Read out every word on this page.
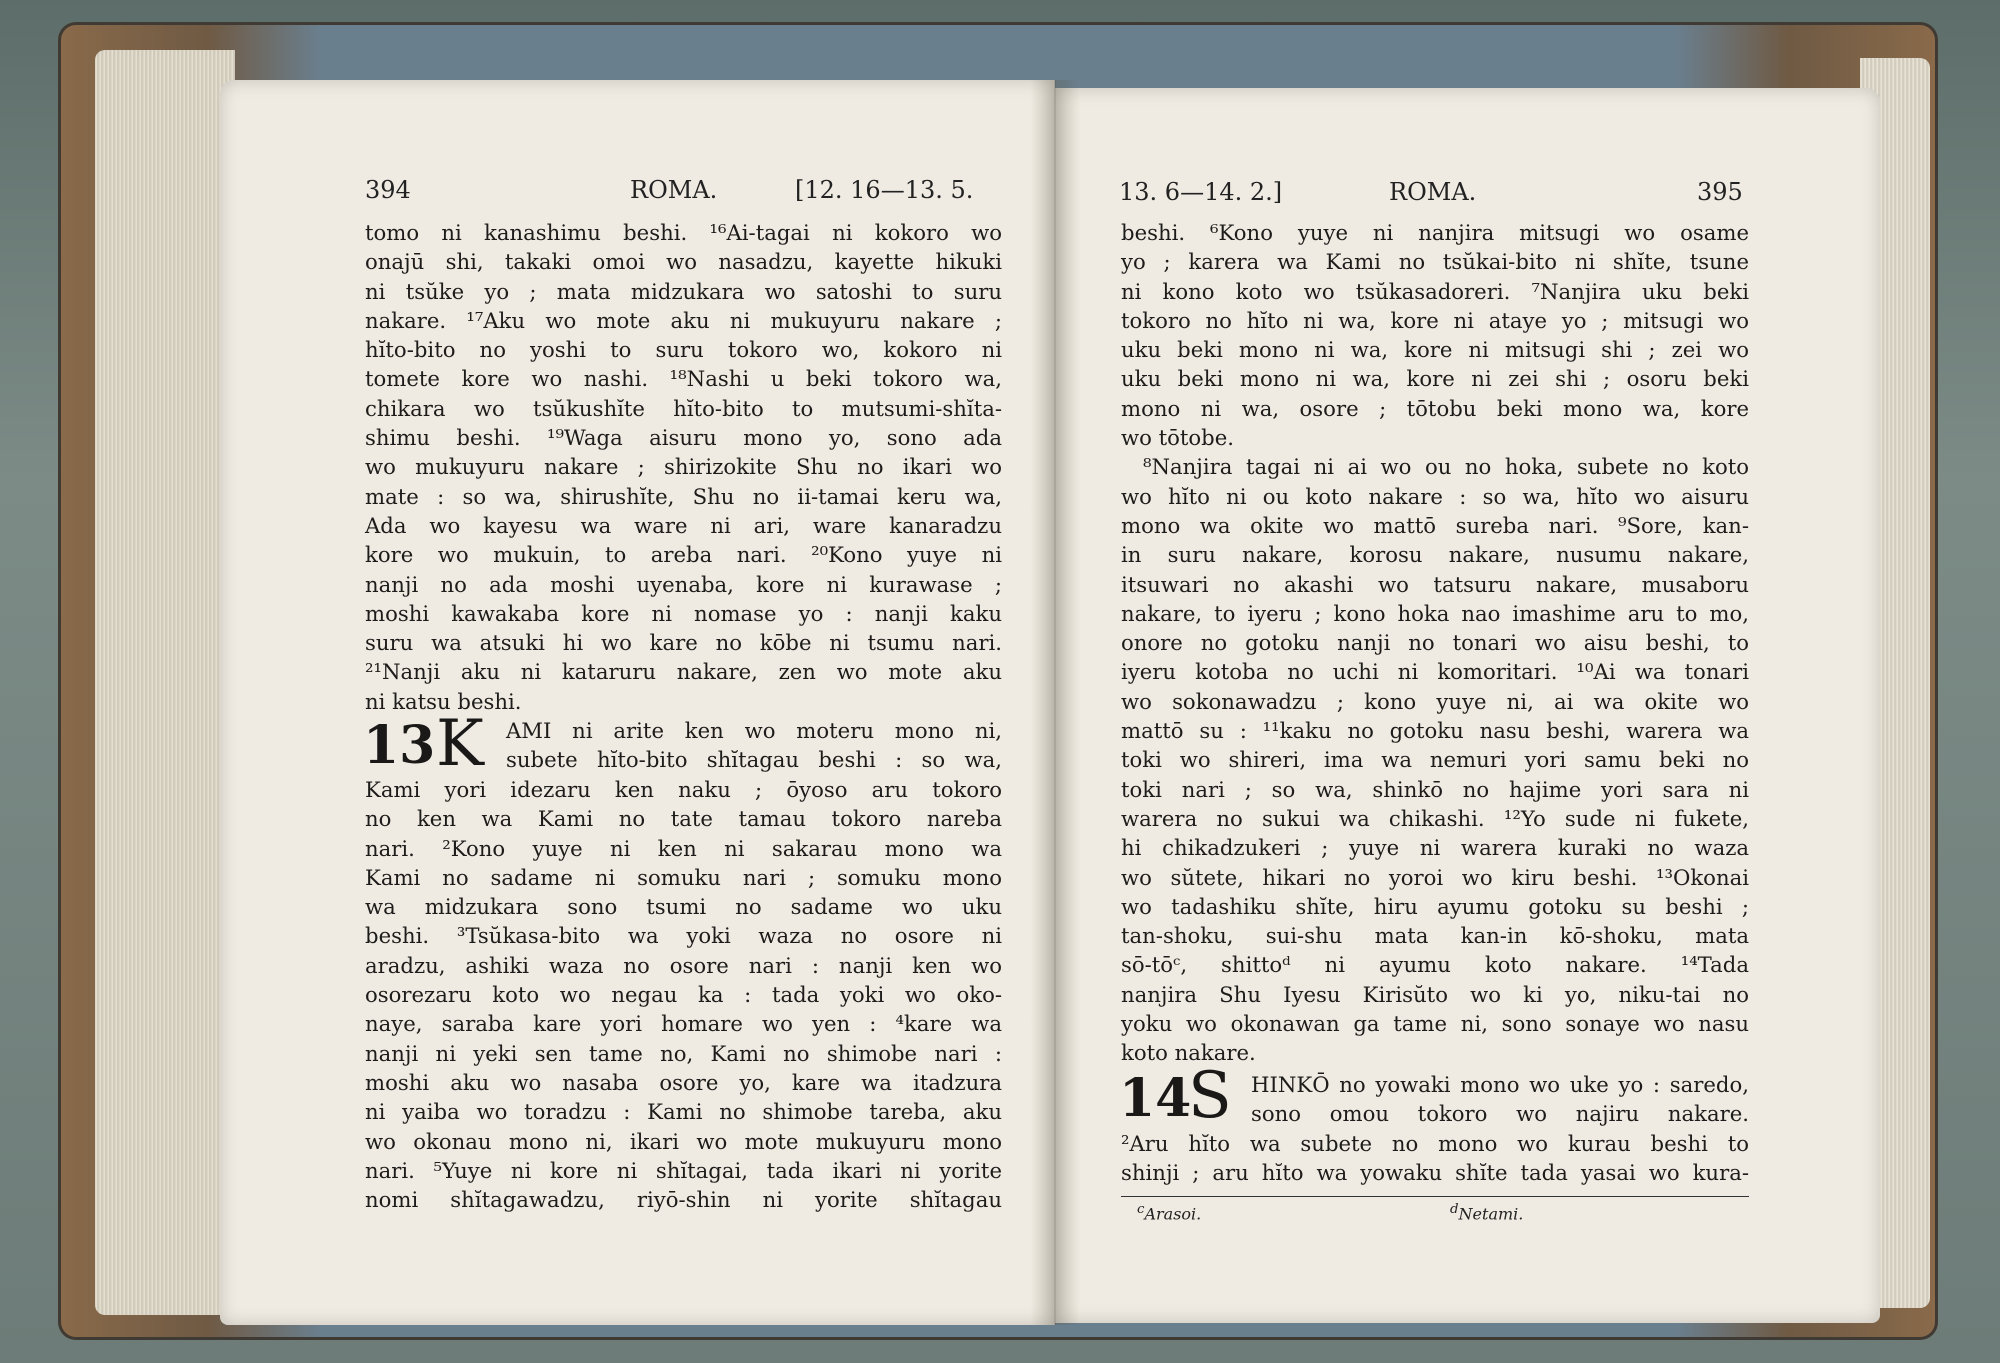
394	ROMA.	[12. 16—13. 5.
tomo ni kanashimu beshi. ¹⁶Ai-tagai ni kokoro wo
onajū shi, takaki omoi wo nasadzu, kayette hikuki
ni tsŭke yo ; mata midzukara wo satoshi to suru
nakare. ¹⁷Aku wo mote aku ni mukuyuru nakare ;
hĭto-bito no yoshi to suru tokoro wo, kokoro ni
tomete kore wo nashi. ¹⁸Nashi u beki tokoro wa,
chikara wo tsŭkushĭte hĭto-bito to mutsumi-shĭta-
shimu beshi. ¹⁹Waga aisuru mono yo, sono ada
wo mukuyuru nakare ; shirizokite Shu no ikari wo
mate : so wa, shirushĭte, Shu no ii-tamai keru wa,
Ada wo kayesu wa ware ni ari, ware kanaradzu
kore wo mukuin, to areba nari. ²⁰Kono yuye ni
nanji no ada moshi uyenaba, kore ni kurawase ;
moshi kawakaba kore ni nomase yo : nanji kaku
suru wa atsuki hi wo kare no kōbe ni tsumu nari.
²¹Nanji aku ni kataruru nakare, zen wo mote aku
ni katsu beshi.
13 K AMI ni arite ken wo moteru mono ni,
subete hĭto-bito shĭtagau beshi : so wa,
Kami yori idezaru ken naku ; ōyoso aru tokoro
no ken wa Kami no tate tamau tokoro nareba
nari. ²Kono yuye ni ken ni sakarau mono wa
Kami no sadame ni somuku nari ; somuku mono
wa midzukara sono tsumi no sadame wo uku
beshi. ³Tsŭkasa-bito wa yoki waza no osore ni
aradzu, ashiki waza no osore nari : nanji ken wo
osorezaru koto wo negau ka : tada yoki wo oko-
naye, saraba kare yori homare wo yen : ⁴kare wa
nanji ni yeki sen tame no, Kami no shimobe nari :
moshi aku wo nasaba osore yo, kare wa itadzura
ni yaiba wo toradzu : Kami no shimobe tareba, aku
wo okonau mono ni, ikari wo mote mukuyuru mono
nari. ⁵Yuye ni kore ni shĭtagai, tada ikari ni yorite
nomi shĭtagawadzu, riyō-shin ni yorite shĭtagau
13. 6—14. 2.]	ROMA.	395
beshi. ⁶Kono yuye ni nanjira mitsugi wo osame
yo ; karera wa Kami no tsŭkai-bito ni shĭte, tsune
ni kono koto wo tsŭkasadoreri. ⁷Nanjira uku beki
tokoro no hĭto ni wa, kore ni ataye yo ; mitsugi wo
uku beki mono ni wa, kore ni mitsugi shi ; zei wo
uku beki mono ni wa, kore ni zei shi ; osoru beki
mono ni wa, osore ; tōtobu beki mono wa, kore
wo tōtobe.
⁸Nanjira tagai ni ai wo ou no hoka, subete no koto
wo hĭto ni ou koto nakare : so wa, hĭto wo aisuru
mono wa okite wo mattō sureba nari. ⁹Sore, kan-
in suru nakare, korosu nakare, nusumu nakare,
itsuwari no akashi wo tatsuru nakare, musaboru
nakare, to iyeru ; kono hoka nao imashime aru to mo,
onore no gotoku nanji no tonari wo aisu beshi, to
iyeru kotoba no uchi ni komoritari. ¹⁰Ai wa tonari
wo sokonawadzu ; kono yuye ni, ai wa okite wo
mattō su : ¹¹kaku no gotoku nasu beshi, warera wa
toki wo shireri, ima wa nemuri yori samu beki no
toki nari ; so wa, shinkō no hajime yori sara ni
warera no sukui wa chikashi. ¹²Yo sude ni fukete,
hi chikadzukeri ; yuye ni warera kuraki no waza
wo sŭtete, hikari no yoroi wo kiru beshi. ¹³Okonai
wo tadashiku shĭte, hiru ayumu gotoku su beshi ;
tan-shoku, sui-shu mata kan-in kō-shoku, mata
sō-tōᶜ, shittoᵈ ni ayumu koto nakare. ¹⁴Tada
nanjira Shu Iyesu Kirisŭto wo ki yo, niku-tai no
yoku wo okonawan ga tame ni, sono sonaye wo nasu
koto nakare.
14
S HINKŌ no yowaki mono wo uke yo : saredo,
sono omou tokoro wo najiru nakare.
²Aru hĭto wa subete no mono wo kurau beshi to
shinji ; aru hĭto wa yowaku shĭte tada yasai wo kura-
$^c$Arasoi.	$^d$Netami.
